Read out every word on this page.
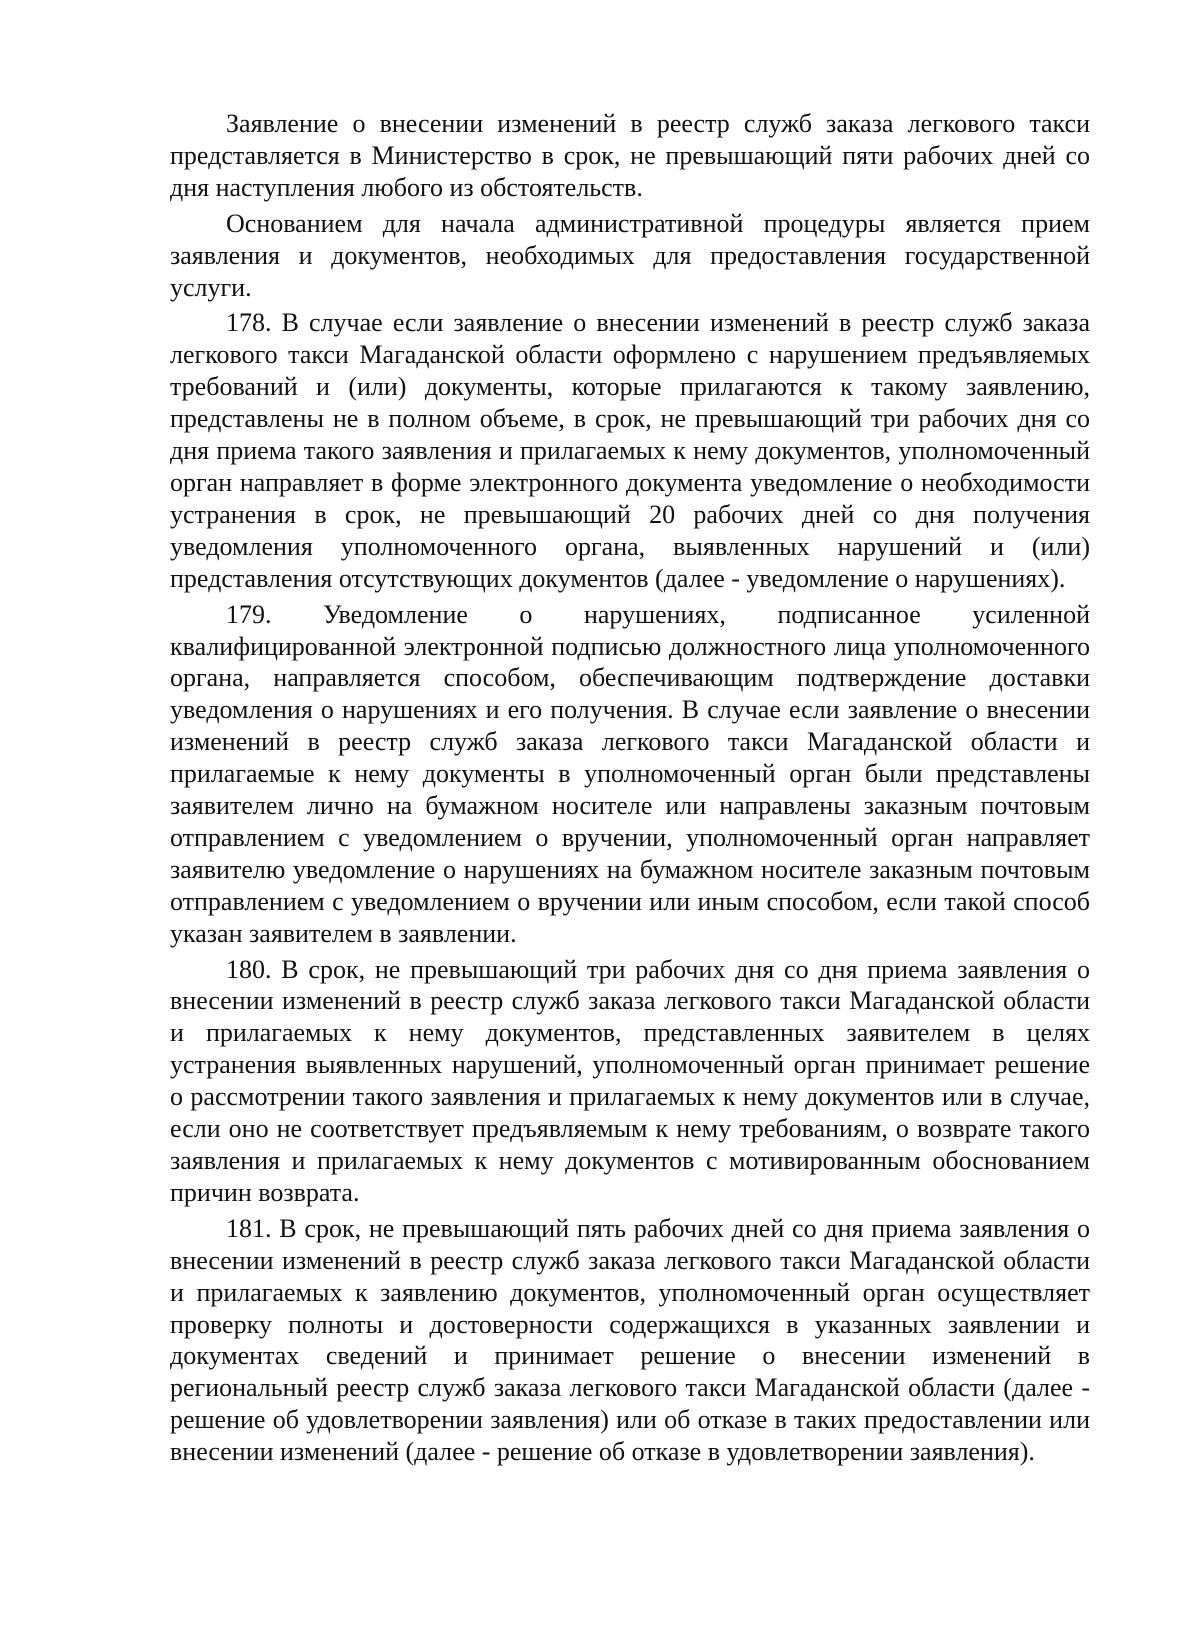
Заявление о внесении изменений в реестр служб заказа легкового такси представляется в Министерство в срок, не превышающий пяти рабочих дней со дня наступления любого из обстоятельств.

Основанием для начала административной процедуры является прием заявления и документов, необходимых для предоставления государственной услуги.

178. В случае если заявление о внесении изменений в реестр служб заказа легкового такси Магаданской области оформлено с нарушением предъявляемых требований и (или) документы, которые прилагаются к такому заявлению, представлены не в полном объеме, в срок, не превышающий три рабочих дня со дня приема такого заявления и прилагаемых к нему документов, уполномоченный орган направляет в форме электронного документа уведомление о необходимости устранения в срок, не превышающий 20 рабочих дней со дня получения уведомления уполномоченного органа, выявленных нарушений и (или) представления отсутствующих документов (далее - уведомление о нарушениях).

179. Уведомление о нарушениях, подписанное усиленной квалифицированной электронной подписью должностного лица уполномоченного органа, направляется способом, обеспечивающим подтверждение доставки уведомления о нарушениях и его получения. В случае если заявление о внесении изменений в реестр служб заказа легкового такси Магаданской области и прилагаемые к нему документы в уполномоченный орган были представлены заявителем лично на бумажном носителе или направлены заказным почтовым отправлением с уведомлением о вручении, уполномоченный орган направляет заявителю уведомление о нарушениях на бумажном носителе заказным почтовым отправлением с уведомлением о вручении или иным способом, если такой способ указан заявителем в заявлении.

180. В срок, не превышающий три рабочих дня со дня приема заявления о внесении изменений в реестр служб заказа легкового такси Магаданской области и прилагаемых к нему документов, представленных заявителем в целях устранения выявленных нарушений, уполномоченный орган принимает решение о рассмотрении такого заявления и прилагаемых к нему документов или в случае, если оно не соответствует предъявляемым к нему требованиям, о возврате такого заявления и прилагаемых к нему документов с мотивированным обоснованием причин возврата.

181. В срок, не превышающий пять рабочих дней со дня приема заявления о внесении изменений в реестр служб заказа легкового такси Магаданской области и прилагаемых к заявлению документов, уполномоченный орган осуществляет проверку полноты и достоверности содержащихся в указанных заявлении и документах сведений и принимает решение о внесении изменений в региональный реестр служб заказа легкового такси Магаданской области (далее - решение об удовлетворении заявления) или об отказе в таких предоставлении или внесении изменений (далее - решение об отказе в удовлетворении заявления).
